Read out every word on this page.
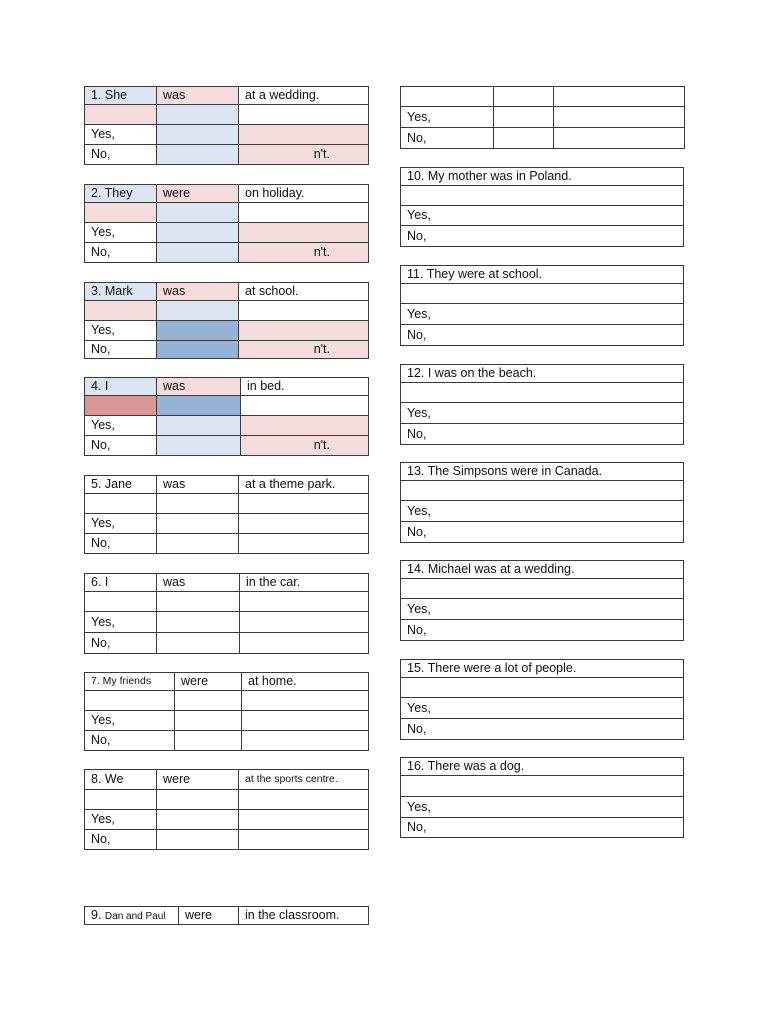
1. She	was	at a wedding.

Yes,		
No,		n't.
2. They	were	on holiday.

Yes,		
No,		n't.
3. Mark	was	at school.

Yes,		
No,		n't.
4. I	was	in bed.

Yes,		
No,		n't.
5. Jane	was	at a theme park.

Yes,		
No,		
6. I	was	in the car.

Yes,		
No,		
7. My friends	were	at home.

Yes,		
No,		
8. We	were	at the sports centre.

Yes,		
No,		
9. Dan and Paul	were	in the classroom.

Yes,		
No,		
10. My mother was in Poland.

Yes,
No,
11. They were at school.

Yes,
No,
12. I was on the beach.

Yes,
No,
13. The Simpsons were in Canada.

Yes,
No,
14. Michael was at a wedding.

Yes,
No,
15. There were a lot of people.

Yes,
No,
16. There was a dog.

Yes,
No,
